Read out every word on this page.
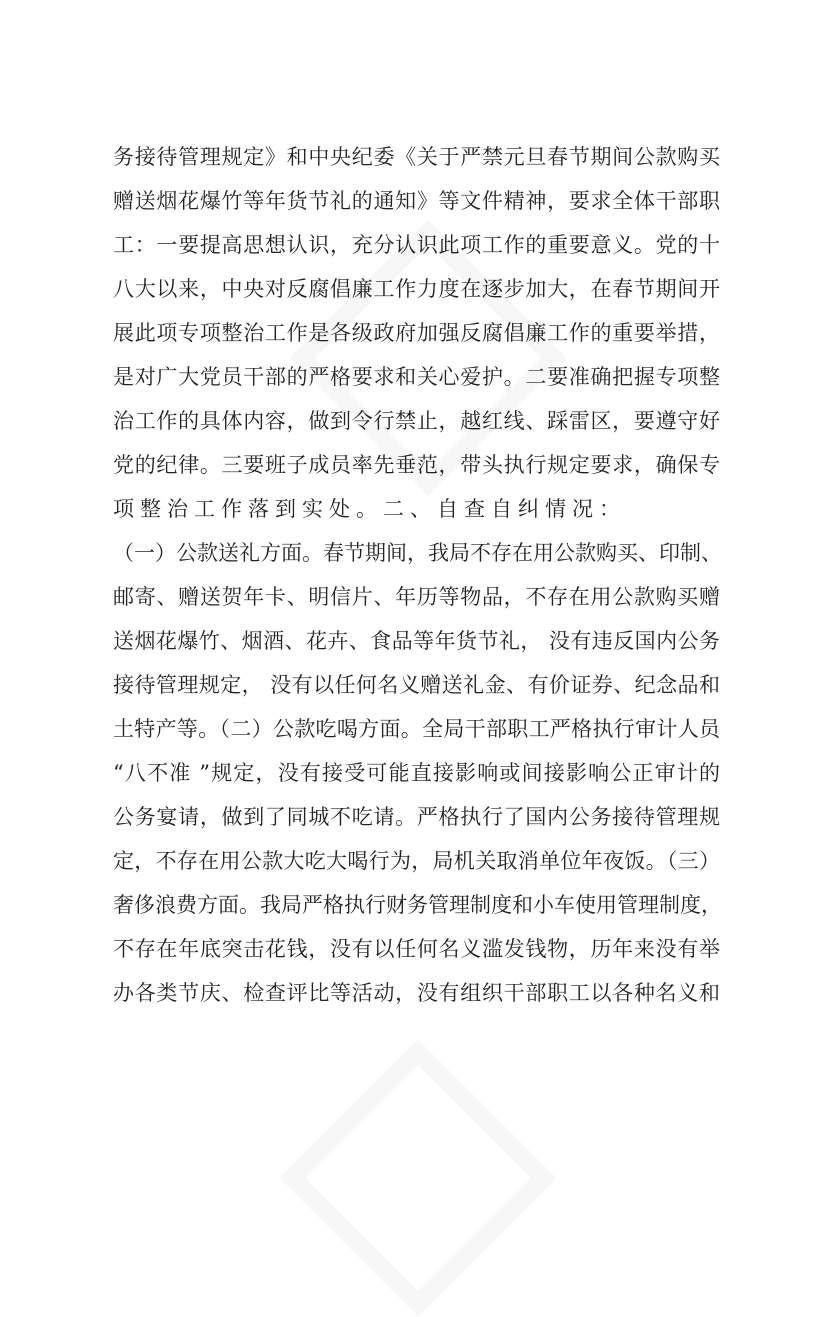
务接待管理规定》和中央纪委《关于严禁元旦春节期间公款购买
赠送烟花爆竹等年货节礼的通知》等文件精神，要求全体干部职
工：一要提高思想认识，充分认识此项工作的重要意义。党的十
八大以来，中央对反腐倡廉工作力度在逐步加大，在春节期间开
展此项专项整治工作是各级政府加强反腐倡廉工作的重要举措，
是对广大党员干部的严格要求和关心爱护。二要准确把握专项整
治工作的具体内容，做到令行禁止，越红线、踩雷区，要遵守好
党的纪律。三要班子成员率先垂范，带头执行规定要求，确保专
项整治工作落到实处。二、自查自纠情况：
（一）公款送礼方面。春节期间，我局不存在用公款购买、印制、
邮寄、赠送贺年卡、明信片、年历等物品，不存在用公款购买赠
送烟花爆竹、烟酒、花卉、食品等年货节礼， 没有违反国内公务
接待管理规定， 没有以任何名义赠送礼金、有价证券、纪念品和
土特产等。（二）公款吃喝方面。全局干部职工严格执行审计人员
“八不准 ”规定，没有接受可能直接影响或间接影响公正审计的
公务宴请，做到了同城不吃请。严格执行了国内公务接待管理规
定，不存在用公款大吃大喝行为，局机关取消单位年夜饭。（三）
奢侈浪费方面。我局严格执行财务管理制度和小车使用管理制度，
不存在年底突击花钱，没有以任何名义滥发钱物，历年来没有举
办各类节庆、检查评比等活动，没有组织干部职工以各种名义和
